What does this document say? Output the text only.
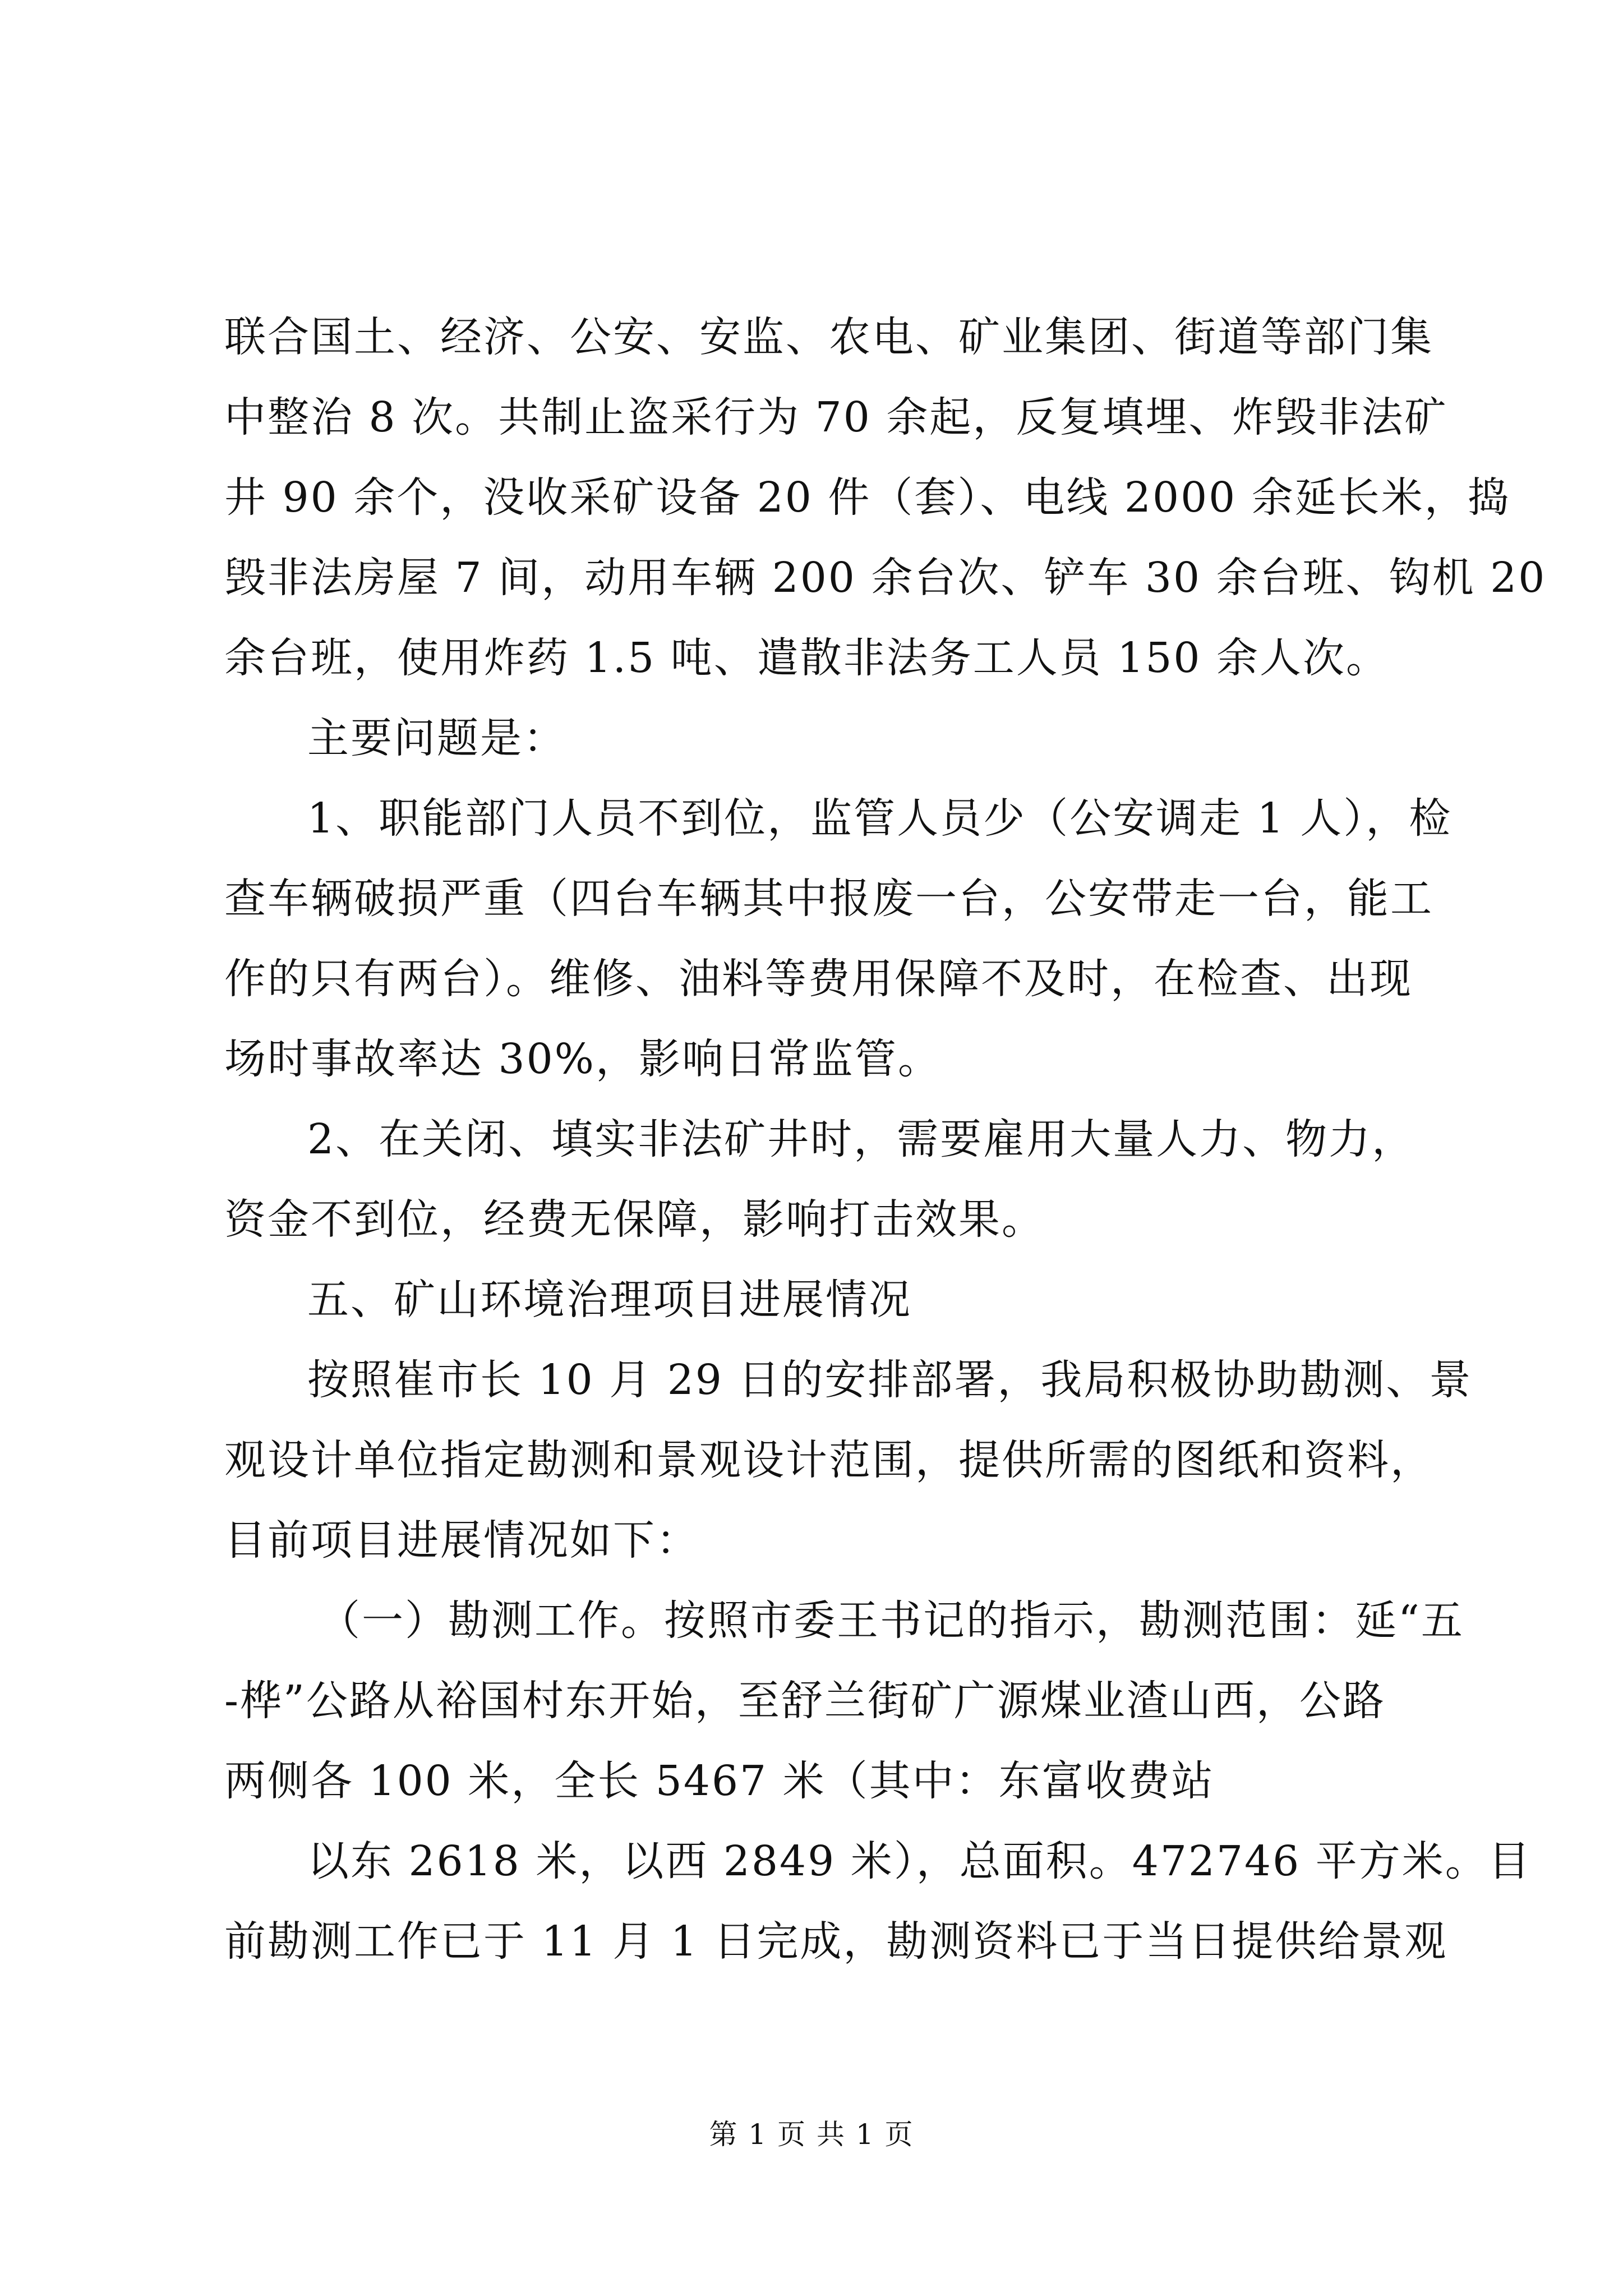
联合国土、经济、公安、安监、农电、矿业集团、街道等部门集
中整治 8 次。共制止盗采行为 70 余起，反复填埋、炸毁非法矿
井 90 余个，没收采矿设备 20 件（套）、电线 2000 余延长米，捣
毁非法房屋 7 间，动用车辆 200 余台次、铲车 30 余台班、钩机 20
余台班，使用炸药 1.5 吨、遣散非法务工人员 150 余人次。
主要问题是：
1、职能部门人员不到位，监管人员少（公安调走 1 人），检
查车辆破损严重（四台车辆其中报废一台，公安带走一台，能工
作的只有两台）。维修、油料等费用保障不及时，在检查、出现
场时事故率达 30%，影响日常监管。
2、在关闭、填实非法矿井时，需要雇用大量人力、物力，
资金不到位，经费无保障，影响打击效果。
五、矿山环境治理项目进展情况
按照崔市长 10 月 29 日的安排部署，我局积极协助勘测、景
观设计单位指定勘测和景观设计范围，提供所需的图纸和资料，
目前项目进展情况如下：
（一）勘测工作。按照市委王书记的指示，勘测范围：延“五
-桦”公路从裕国村东开始，至舒兰街矿广源煤业渣山西，公路
两侧各 100 米，全长 5467 米（其中：东富收费站
以东 2618 米，以西 2849 米），总面积。472746 平方米。目
前勘测工作已于 11 月 1 日完成，勘测资料已于当日提供给景观
第 1 页 共 1 页
